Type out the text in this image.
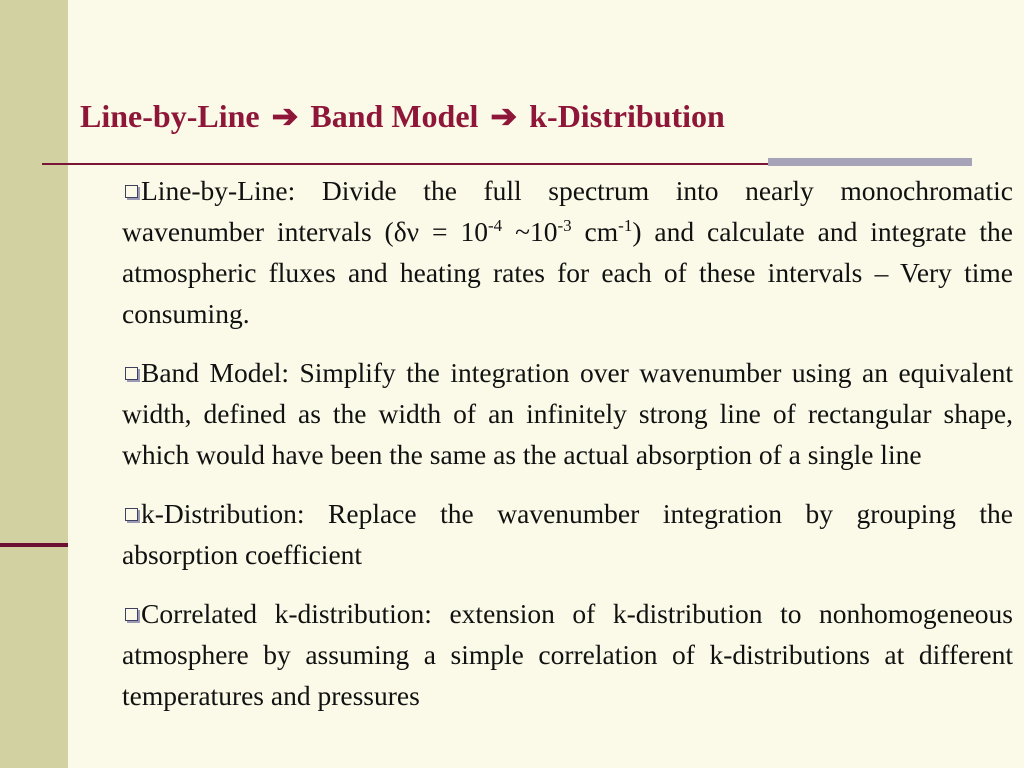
Line-by-Line ➔ Band Model ➔ k-Distribution
Line-by-Line: Divide the full spectrum into nearly monochromatic wavenumber intervals ($\delta\nu = 10^{-4}$ $\sim 10^{-3}$ $cm^{-1}$) and calculate and integrate the atmospheric fluxes and heating rates for each of these intervals – Very time consuming.
Band Model: Simplify the integration over wavenumber using an equivalent width, defined as the width of an infinitely strong line of rectangular shape, which would have been the same as the actual absorption of a single line
k-Distribution: Replace the wavenumber integration by grouping the absorption coefficient
Correlated k-distribution: extension of k-distribution to nonhomogeneous atmosphere by assuming a simple correlation of k-distributions at different temperatures and pressures
